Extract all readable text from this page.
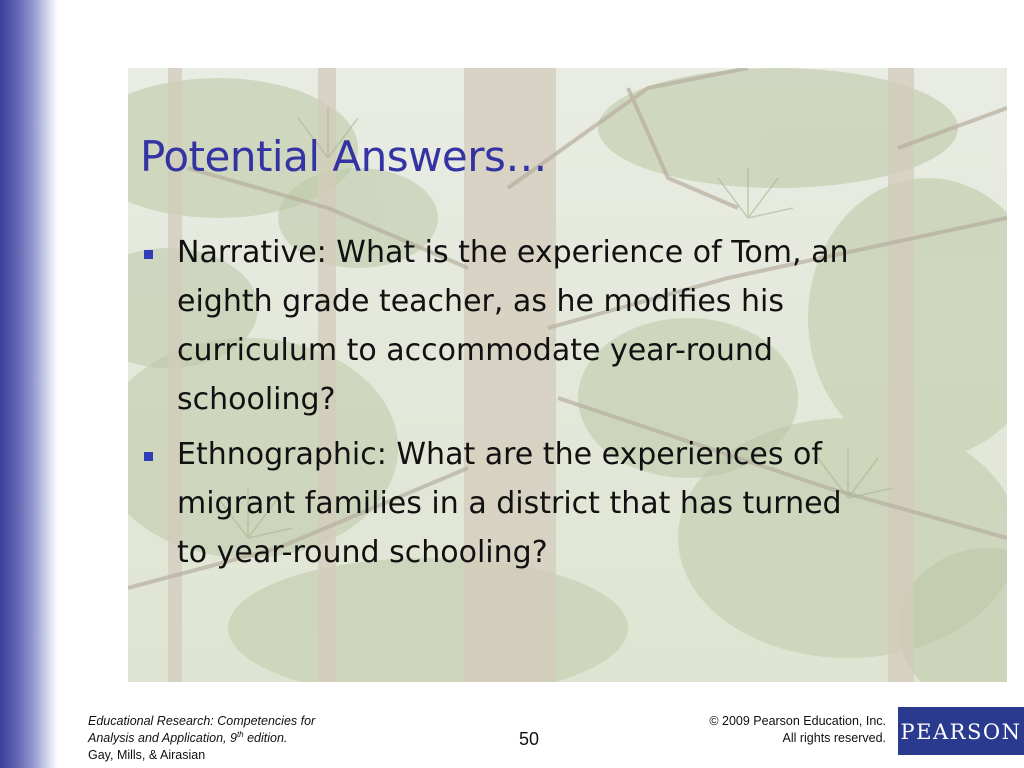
Potential Answers…
Narrative: What is the experience of Tom, an eighth grade teacher, as he modifies his curriculum to accommodate year-round schooling?
Ethnographic: What are the experiences of migrant families in a district that has turned to year-round schooling?
Educational Research: Competencies for
Analysis and Application, 9th edition.
Gay, Mills, & Airasian
50
© 2009 Pearson Education, Inc.
All rights reserved. PEARSON
